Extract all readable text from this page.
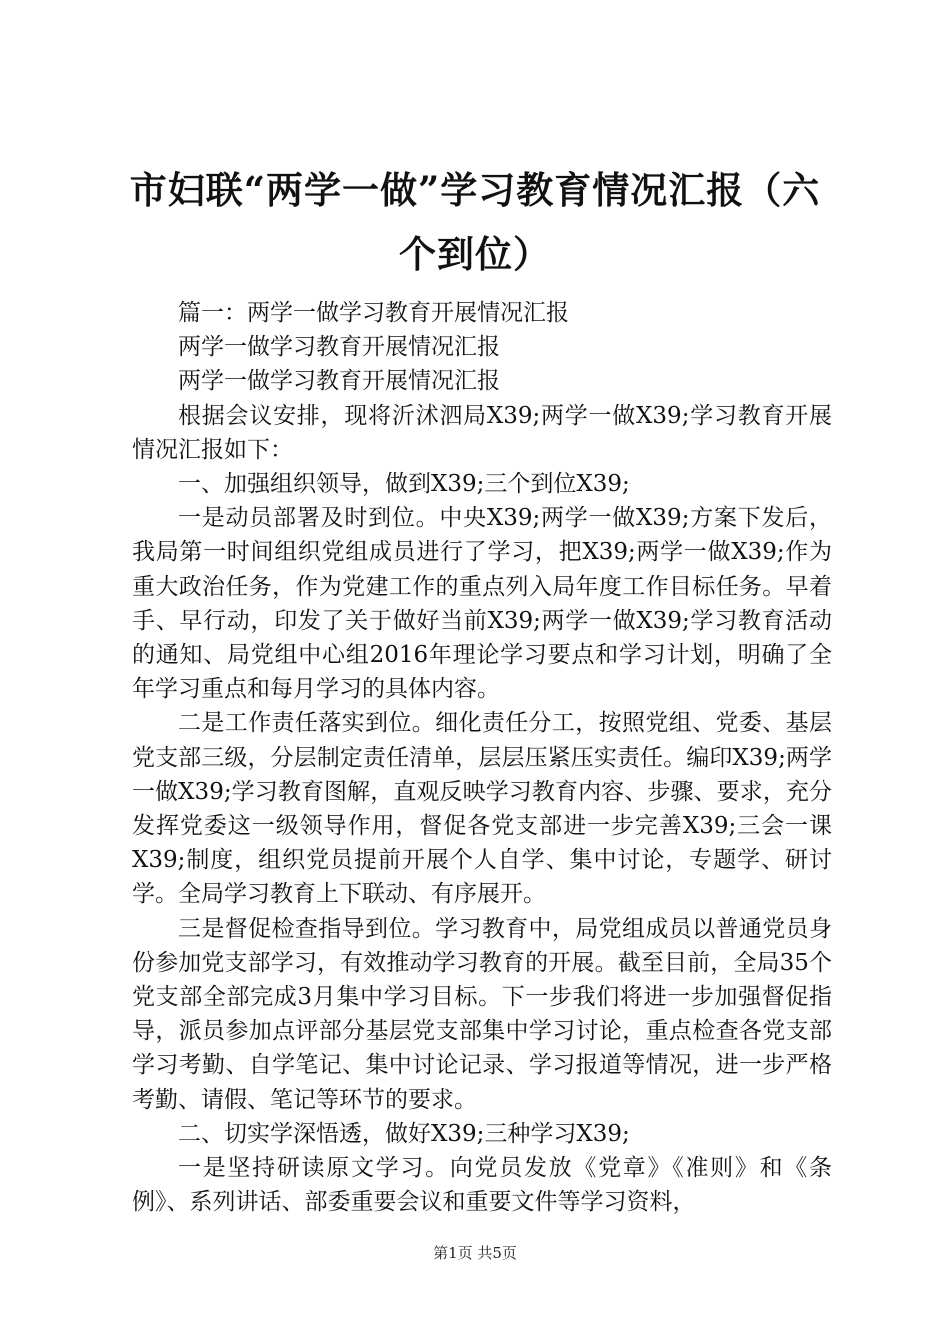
市妇联“两学一做”学习教育情况汇报（六个到位）

篇一：两学一做学习教育开展情况汇报

两学一做学习教育开展情况汇报

两学一做学习教育开展情况汇报

根据会议安排，现将沂沭泗局X39;两学一做X39;学习教育开展情况汇报如下：

一、加强组织领导，做到X39;三个到位X39;

一是动员部署及时到位。中央X39;两学一做X39;方案下发后，我局第一时间组织党组成员进行了学习，把X39;两学一做X39;作为重大政治任务，作为党建工作的重点列入局年度工作目标任务。早着手、早行动，印发了关于做好当前X39;两学一做X39;学习教育活动的通知、局党组中心组2016年理论学习要点和学习计划，明确了全年学习重点和每月学习的具体内容。

二是工作责任落实到位。细化责任分工，按照党组、党委、基层党支部三级，分层制定责任清单，层层压紧压实责任。编印X39;两学一做X39;学习教育图解，直观反映学习教育内容、步骤、要求，充分发挥党委这一级领导作用，督促各党支部进一步完善X39;三会一课X39;制度，组织党员提前开展个人自学、集中讨论，专题学、研讨学。全局学习教育上下联动、有序展开。

三是督促检查指导到位。学习教育中，局党组成员以普通党员身份参加党支部学习，有效推动学习教育的开展。截至目前，全局35个党支部全部完成3月集中学习目标。下一步我们将进一步加强督促指导，派员参加点评部分基层党支部集中学习讨论，重点检查各党支部学习考勤、自学笔记、集中讨论记录、学习报道等情况，进一步严格考勤、请假、笔记等环节的要求。

二、切实学深悟透，做好X39;三种学习X39;

一是坚持研读原文学习。向党员发放《党章》《准则》和《条例》、系列讲话、部委重要会议和重要文件等学习资料，

第1页 共5页
